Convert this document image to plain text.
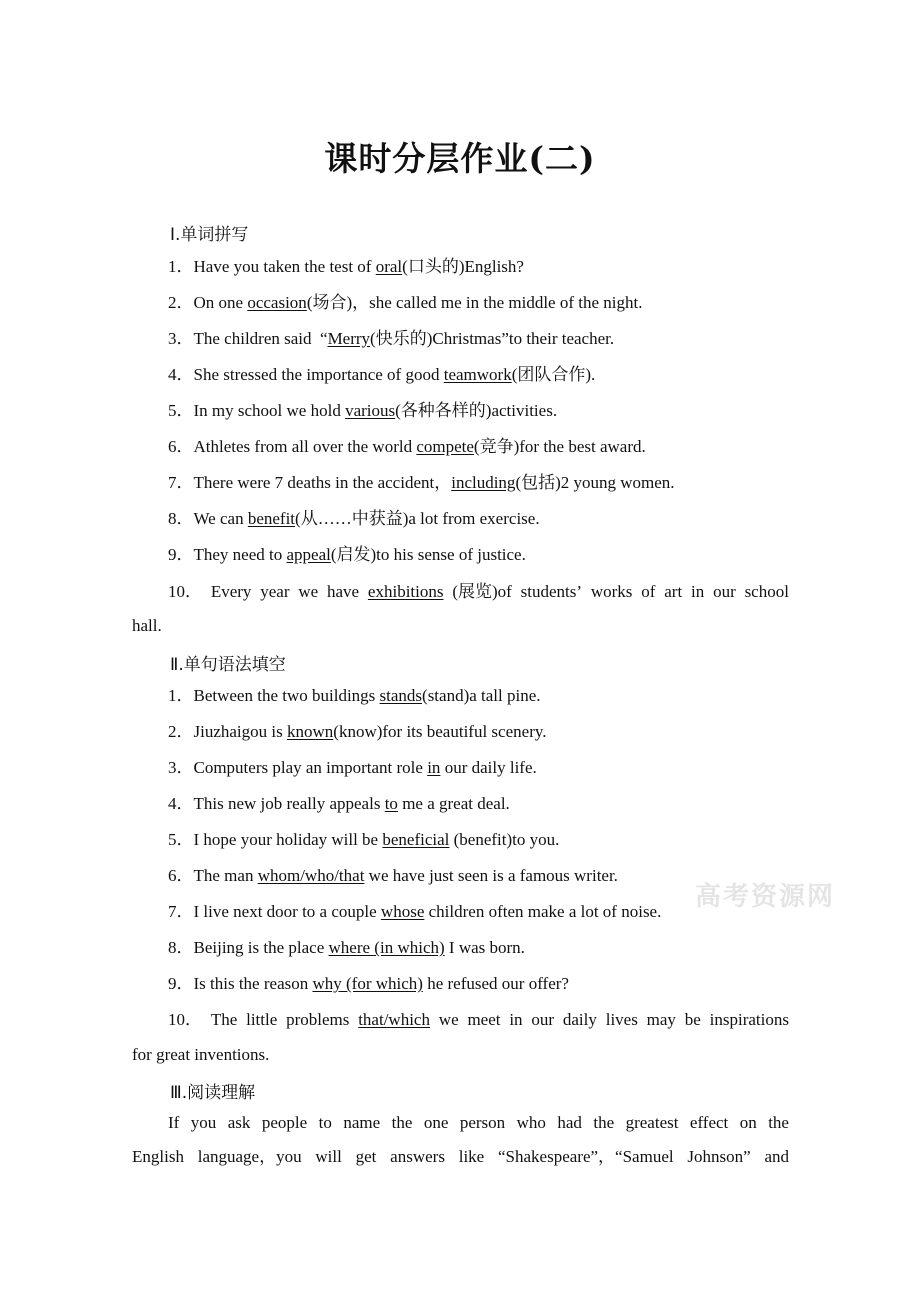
课时分层作业(二)
Ⅰ.单词拼写
1．Have you taken the test of oral(口头的)English?
2．On one occasion(场合)，she called me in the middle of the night.
3．The children said  “Merry(快乐的)Christmas”to their teacher.
4．She stressed the importance of good teamwork(团队合作).
5．In my school we hold various(各种各样的)activities.
6．Athletes from all over the world compete(竞争)for the best award.
7．There were 7 deaths in the accident，including(包括)2 young women.
8．We can benefit(从……中获益)a lot from exercise.
9．They need to appeal(启发)to his sense of justice.
10． Every year we have exhibitions (展览)of students’ works of art in our school
hall.
Ⅱ.单句语法填空
1．Between the two buildings stands(stand)a tall pine.
2．Jiuzhaigou is known(know)for its beautiful scenery.
3．Computers play an important role in our daily life.
4．This new job really appeals to me a great deal.
5．I hope your holiday will be beneficial (benefit)to you.
6．The man whom/who/that we have just seen is a famous writer.
7．I live next door to a couple whose children often make a lot of noise.
8．Beijing is the place where (in which) I was born.
9．Is this the reason why (for which) he refused our offer?
10． The little problems that/which we meet in our daily lives may be inspirations
for great inventions.
高考资源网
Ⅲ.阅读理解
If you ask people to name the one person who had the greatest effect on the
English language，you will get answers like “Shakespeare”，“Samuel Johnson” and
